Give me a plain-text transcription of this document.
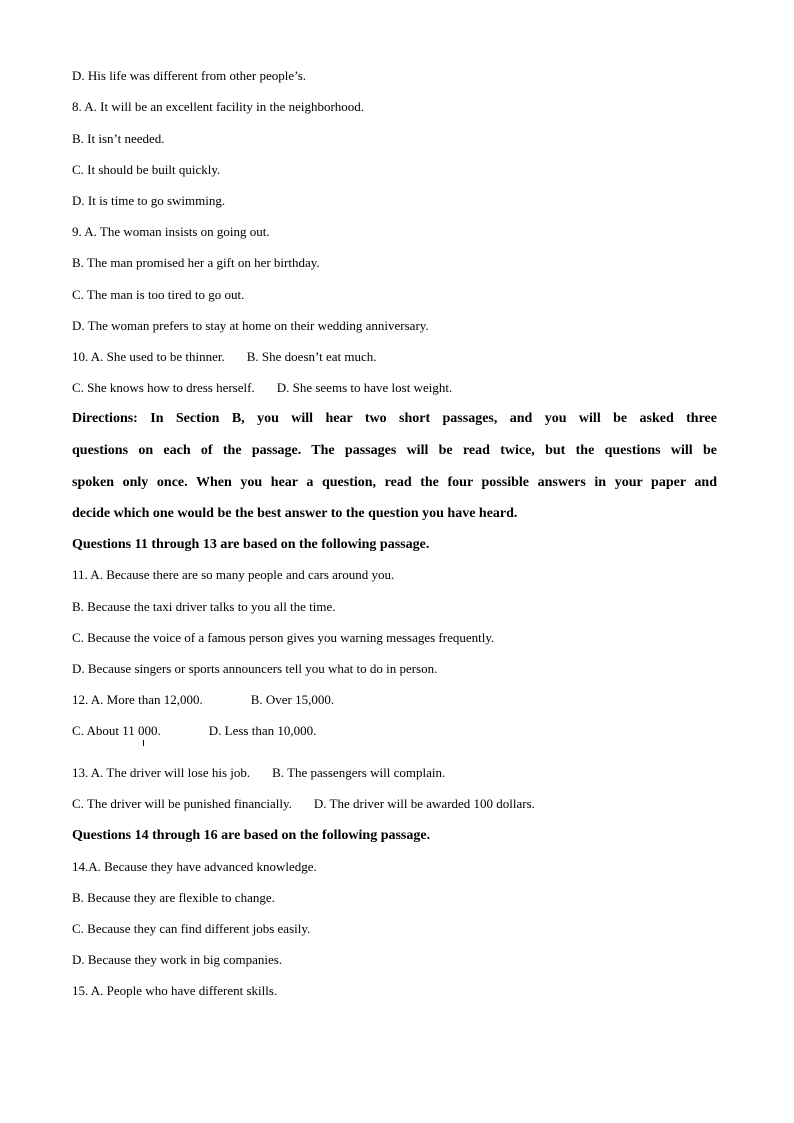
D. His life was different from other people’s.

8. A. It will be an excellent facility in the neighborhood.

B. It isn’t needed.

C. It should be built quickly.

D. It is time to go swimming.

9. A. The woman insists on going out.

B. The man promised her a gift on her birthday.

C. The man is too tired to go out.

D. The woman prefers to stay at home on their wedding anniversary.

10. A. She used to be thinner. B. She doesn’t eat much.

C. She knows how to dress herself. D. She seems to have lost weight.

Directions: In Section B, you will hear two short passages, and you will be asked three

questions on each of the passage. The passages will be read twice, but the questions will be

spoken only once. When you hear a question, read the four possible answers in your paper and

decide which one would be the best answer to the question you have heard.

Questions 11 through 13 are based on the following passage.

11. A. Because there are so many people and cars around you.

B. Because the taxi driver talks to you all the time.

C. Because the voice of a famous person gives you warning messages frequently.

D. Because singers or sports announcers tell you what to do in person.

12. A. More than 12,000.	B. Over 15,000.

C. About 11 000.	D. Less than 10,000.

13. A. The driver will lose his job. B. The passengers will complain.

C. The driver will be punished financially. D. The driver will be awarded 100 dollars.

Questions 14 through 16 are based on the following passage.

14.A. Because they have advanced knowledge.

B. Because they are flexible to change.

C. Because they can find different jobs easily.

D. Because they work in big companies.

15. A. People who have different skills.
